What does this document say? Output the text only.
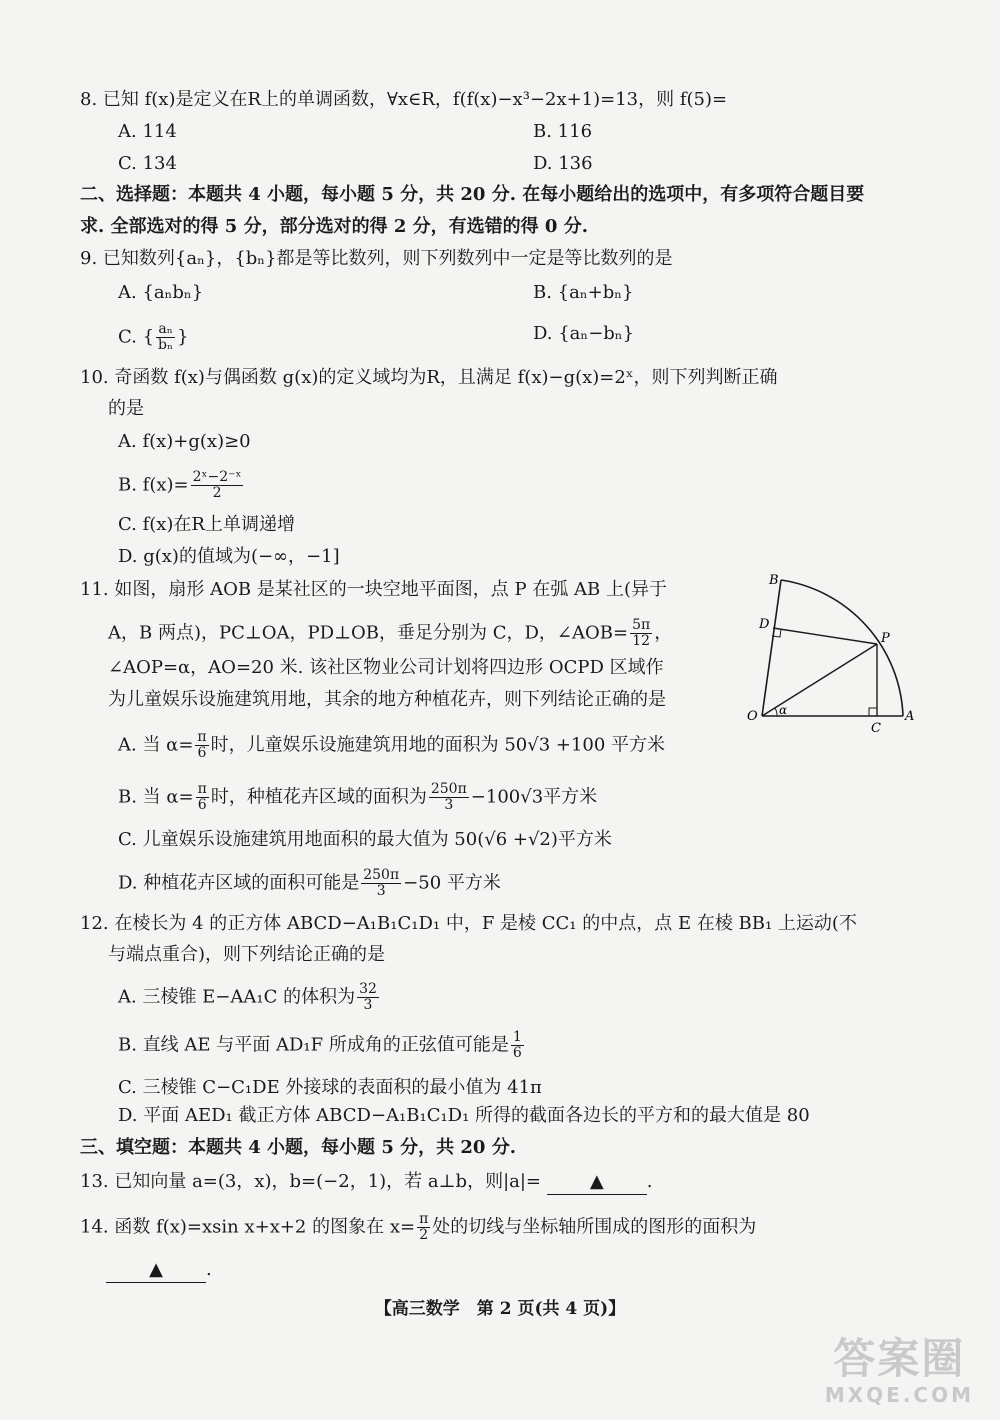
8. 已知 f(x)是定义在R上的单调函数，∀x∈R，f(f(x)−x³−2x+1)=13，则 f(5)=
A. 114	B. 116
C. 134	D. 136
二、选择题：本题共 4 小题，每小题 5 分，共 20 分. 在每小题给出的选项中，有多项符合题目要
求. 全部选对的得 5 分，部分选对的得 2 分，有选错的得 0 分.
9. 已知数列{aₙ}，{bₙ}都是等比数列，则下列数列中一定是等比数列的是
A. {aₙbₙ}	B. {aₙ+bₙ}
C. { $\frac{\text{aₙ}}{\text{bₙ}}$ }	D. {aₙ−bₙ}
10. 奇函数 f(x)与偶函数 g(x)的定义域均为R，且满足 f(x)−g(x)=2ˣ，则下列判断正确
的是
A. f(x)+g(x)≥0
B. $f(x)= \frac{\text{2ˣ−2⁻ˣ}}{2}$
C. f(x)在R上单调递增
D. g(x)的值域为(−∞，−1]
11. 如图，扇形 AOB 是某社区的一块空地平面图，点 P 在弧 AB 上(异于
A，B 两点)，PC⊥OA，PD⊥OB，垂足分别为 C，D，∠AOB= $\frac{5\pi}{12}$ ，
∠AOP=α，AO=20 米. 该社区物业公司计划将四边形 OCPD 区域作
为儿童娱乐设施建筑用地，其余的地方种植花卉，则下列结论正确的是
B
D
P
O α
C
A
A. 当 $\alpha= \frac{\pi}{6}$ 时，儿童娱乐设施建筑用地的面积为 50√3 +100 平方米
B. 当 $\alpha= \frac{\pi}{6}$ 时，种植花卉区域的面积为 $\frac{250\pi}{3} -100√3$平方米
C. 儿童娱乐设施建筑用地面积的最大值为 50(√6 +√2)平方米
D. 种植花卉区域的面积可能是 $\frac{250\pi}{3} -50$ 平方米
12. 在棱长为 4 的正方体 ABCD−A₁B₁C₁D₁ 中，F 是棱 CC₁ 的中点，点 E 在棱 BB₁ 上运动(不
与端点重合)，则下列结论正确的是
A. 三棱锥 E−AA₁C 的体积为 $\frac{32}{3}$
B. 直线 AE 与平面 AD₁F 所成角的正弦值可能是 $\frac{1}{6}$
C. 三棱锥 C−C₁DE 外接球的表面积的最小值为 41π
D. 平面 AED₁ 截正方体 ABCD−A₁B₁C₁D₁ 所得的截面各边长的平方和的最大值是 80
三、填空题：本题共 4 小题，每小题 5 分，共 20 分.
13. 已知向量 a=(3，x)，b=(−2，1)，若 a⊥b，则|a|=	▲ .
14. 函数 f(x)=xsin x+x+2 的图象在 $x= \frac{\pi}{2}$ 处的切线与坐标轴所围成的图形的面积为
▲ .
【高三数学　第 2 页(共 4 页)】
答案圈
MXQE.COM
